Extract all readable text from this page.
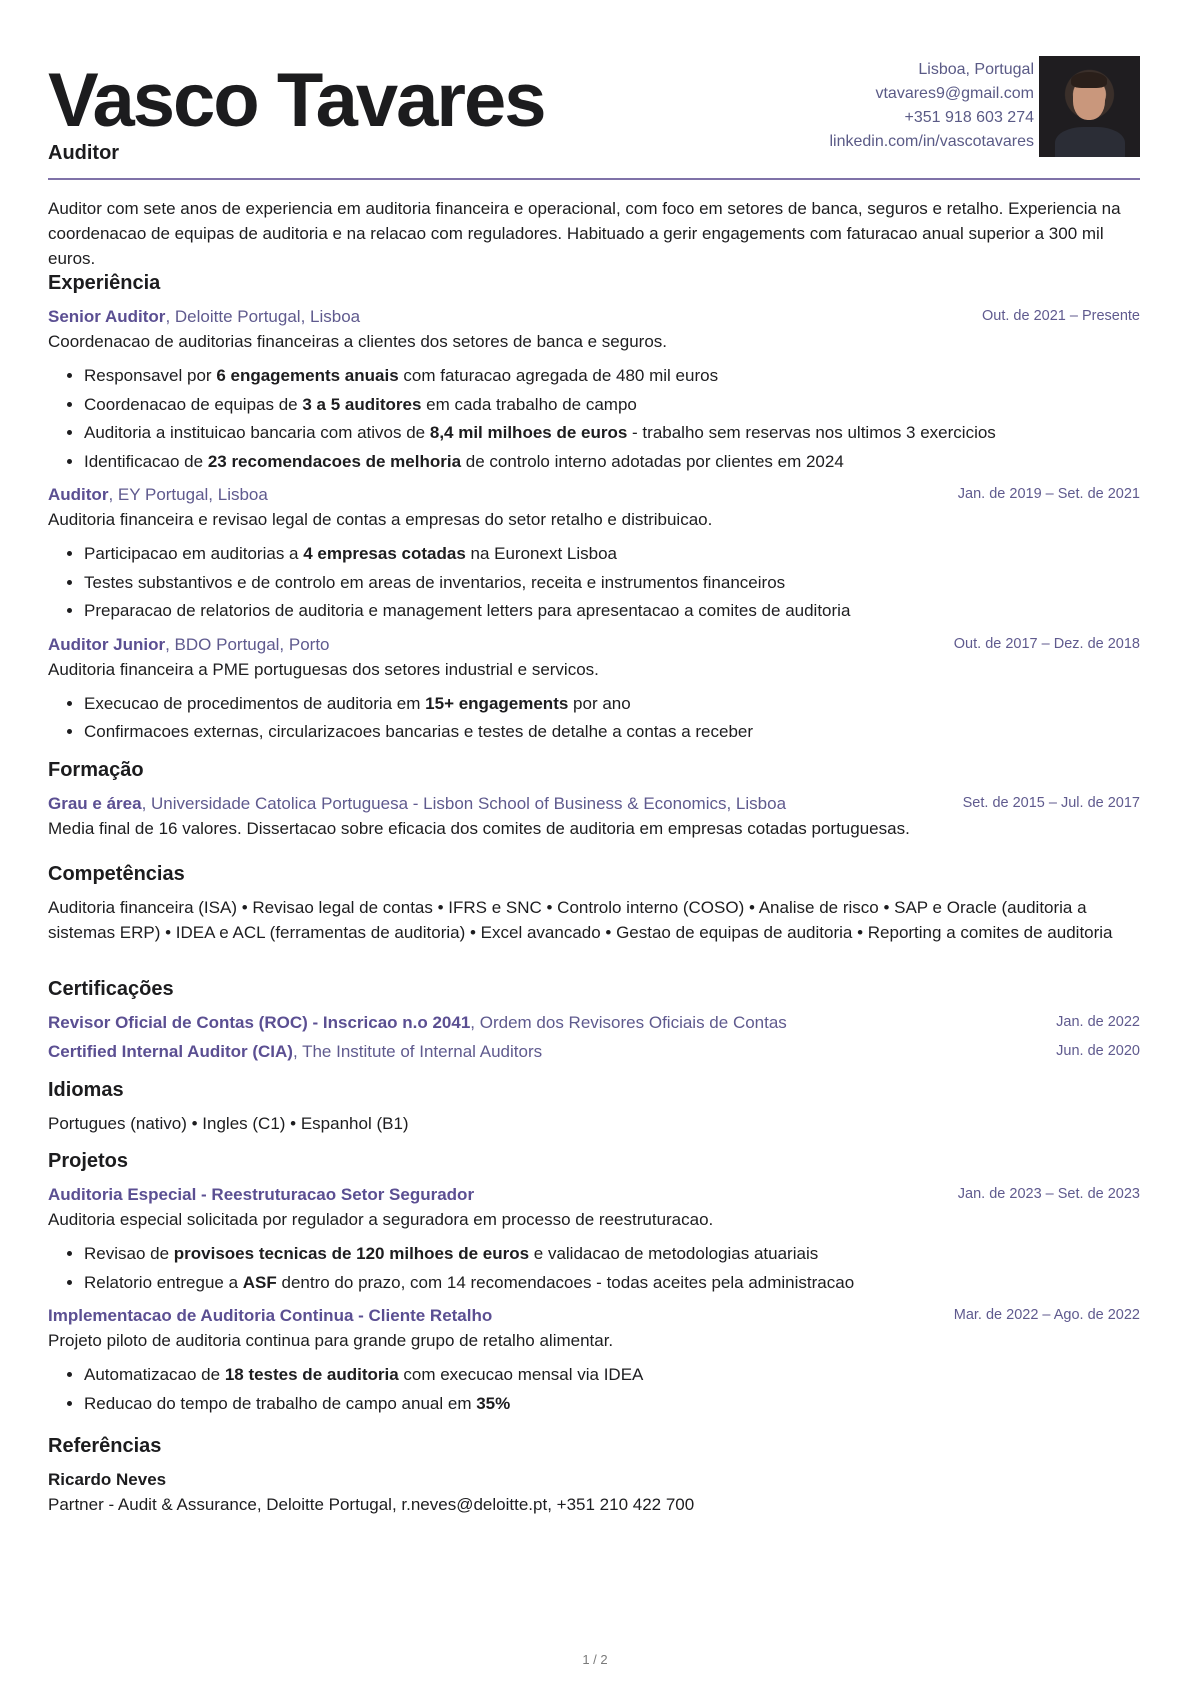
Vasco Tavares
Auditor
Lisboa, Portugal
vtavares9@gmail.com
+351 918 603 274
linkedin.com/in/vascotavares
Auditor com sete anos de experiencia em auditoria financeira e operacional, com foco em setores de banca, seguros e retalho. Experiencia na coordenacao de equipas de auditoria e na relacao com reguladores. Habituado a gerir engagements com faturacao anual superior a 300 mil euros.
Experiência
Senior Auditor, Deloitte Portugal, Lisboa	Out. de 2021 – Presente
Coordenacao de auditorias financeiras a clientes dos setores de banca e seguros.
• Responsavel por 6 engagements anuais com faturacao agregada de 480 mil euros
• Coordenacao de equipas de 3 a 5 auditores em cada trabalho de campo
• Auditoria a instituicao bancaria com ativos de 8,4 mil milhoes de euros - trabalho sem reservas nos ultimos 3 exercicios
• Identificacao de 23 recomendacoes de melhoria de controlo interno adotadas por clientes em 2024
Auditor, EY Portugal, Lisboa	Jan. de 2019 – Set. de 2021
Auditoria financeira e revisao legal de contas a empresas do setor retalho e distribuicao.
• Participacao em auditorias a 4 empresas cotadas na Euronext Lisboa
• Testes substantivos e de controlo em areas de inventarios, receita e instrumentos financeiros
• Preparacao de relatorios de auditoria e management letters para apresentacao a comites de auditoria
Auditor Junior, BDO Portugal, Porto	Out. de 2017 – Dez. de 2018
Auditoria financeira a PME portuguesas dos setores industrial e servicos.
• Execucao de procedimentos de auditoria em 15+ engagements por ano
• Confirmacoes externas, circularizacoes bancarias e testes de detalhe a contas a receber
Formação
Grau e área, Universidade Catolica Portuguesa - Lisbon School of Business & Economics, Lisboa	Set. de 2015 – Jul. de 2017
Media final de 16 valores. Dissertacao sobre eficacia dos comites de auditoria em empresas cotadas portuguesas.
Competências
Auditoria financeira (ISA) • Revisao legal de contas • IFRS e SNC • Controlo interno (COSO) • Analise de risco • SAP e Oracle (auditoria a sistemas ERP) • IDEA e ACL (ferramentas de auditoria) • Excel avancado • Gestao de equipas de auditoria • Reporting a comites de auditoria
Certificações
Revisor Oficial de Contas (ROC) - Inscricao n.o 2041, Ordem dos Revisores Oficiais de Contas	Jan. de 2022
Certified Internal Auditor (CIA), The Institute of Internal Auditors	Jun. de 2020
Idiomas
Portugues (nativo) • Ingles (C1) • Espanhol (B1)
Projetos
Auditoria Especial - Reestruturacao Setor Segurador	Jan. de 2023 – Set. de 2023
Auditoria especial solicitada por regulador a seguradora em processo de reestruturacao.
• Revisao de provisoes tecnicas de 120 milhoes de euros e validacao de metodologias atuariais
• Relatorio entregue a ASF dentro do prazo, com 14 recomendacoes - todas aceites pela administracao
Implementacao de Auditoria Continua - Cliente Retalho	Mar. de 2022 – Ago. de 2022
Projeto piloto de auditoria continua para grande grupo de retalho alimentar.
• Automatizacao de 18 testes de auditoria com execucao mensal via IDEA
• Reducao do tempo de trabalho de campo anual em 35%
Referências
Ricardo Neves
Partner - Audit & Assurance, Deloitte Portugal, r.neves@deloitte.pt, +351 210 422 700
1 / 2
